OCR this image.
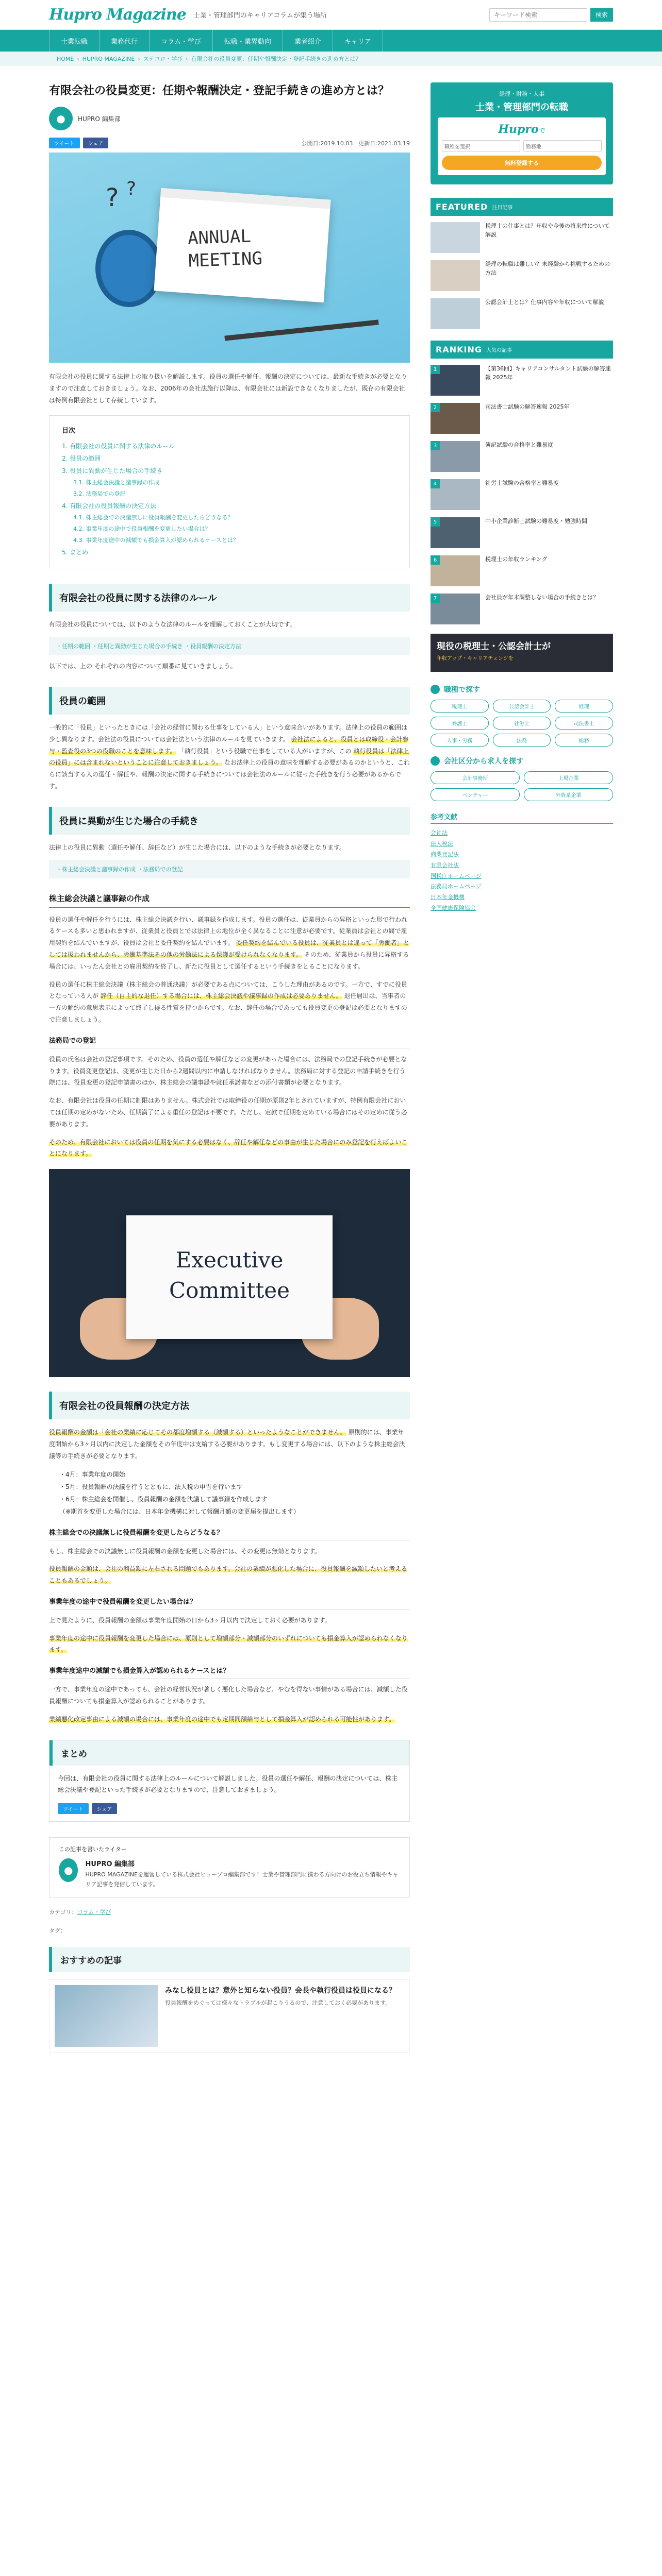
Hupro Magazine 士業・管理部門のキャリアコラムが集う場所
キーワード検索	検索
士業転職	業務代行	コラム・学び	転職・業界動向	業者紹介	キャリア
HOME › HUPRO MAGAZINE › ステコロ・学び › 有限会社の役員変更：任期や報酬決定・登記手続きの進め方とは？
有限会社の役員変更：任期や報酬決定・登記手続きの進め方とは？
●	HUPRO 編集部
ツイート	シェア	公開日:2019.10.03　更新日:2021.03.19
? ?
ANNUAL MEETING

有限会社の役員に関する法律上の取り扱いを解説します。役員の選任や解任、報酬の決定については、最新な手続きが必要となりますので注意しておきましょう。なお、2006年の会社法施行以降は、有限会社には新設できなくなりましたが、既存の有限会社は特例有限会社として存続しています。

目次
1. 有限会社の役員に関する法律のルール
2. 役員の範囲
3. 役員に異動が生じた場合の手続き
3.1. 株主総会決議と議事録の作成
3.2. 法務局での登記
4. 有限会社の役員報酬の決定方法
4.1. 株主総会での決議無しに役員報酬を変更したらどうなる？
4.2. 事業年度の途中で役員報酬を変更したい場合は？
4.3. 事業年度途中の減額でも損金算入が認められるケースとは？
5. まとめ
有限会社の役員に関する法律のルール

有限会社の役員については、以下のような法律のルールを理解しておくことが大切です。

・任期の範囲 ・任期と異動が生じた場合の手続き ・役員報酬の決定方法

以下では、上の それぞれの内容について順番に見ていきましょう。

役員の範囲

一般的に「役員」といったときには「会社の経営に関わる仕事をしている人」という意味合いがあります。法律上の役員の範囲は少し異なります。会社法の役員については会社法という法律のルールを見ていきます。 会社法によると、役員とは取締役・会計参与・監査役の3つの役職のことを意味します。 「執行役員」という役職で仕事をしている人がいますが、この 執行役員は「法律上の役員」には含まれないということに注意しておきましょう。 なお法律上の役員の意味を理解する必要があるのかというと、これらに該当する人の選任・解任や、報酬の決定に関する手続きについては会社法のルールに従った手続きを行う必要があるからです。

役員に異動が生じた場合の手続き

法律上の役員に異動（選任や解任、辞任など）が生じた場合には、以下のような手続きが必要となります。

・株主総会決議と議事録の作成 ・法務局での登記
株主総会決議と議事録の作成

役員の選任や解任を行うには、株主総会決議を行い、議事録を作成します。役員の選任は、従業員からの昇格といった形で行われるケースも多いと思われますが、従業員と役員とでは法律上の地位が全く異なることに注意が必要です。従業員は会社との間で雇用契約を結んでいますが、役員は会社と委任契約を結んでいます。 委任契約を結んでいる役員は、従業員とは違って「労働者」としては扱われませんから、労働基準法その他の労働法による保護が受けられなくなります。 そのため、従業員から役員に昇格する場合には、いったん会社との雇用契約を終了し、新たに役員として選任するという手続きをとることになります。

役員の選任に株主総会決議（株主総会の普通決議）が必要である点については、こうした理由があるのです。一方で、すでに役員となっている人が 辞任（自主的な退任）する場合には、株主総会決議や議事録の作成は必要ありません。 退任届出は、当事者の一方の解約の意思表示によって終了し得る性質を持つからです。なお、辞任の場合であっても役員変更の登記は必要となりますので注意しましょう。

法務局での登記

役員の氏名は会社の登記事項です。そのため、役員の選任や解任などの変更があった場合には、法務局での登記手続きが必要となります。役員変更登記は、変更が生じた日から2週間以内に申請しなければなりません。法務局に対する登記の申請手続きを行う際には、役員変更の登記申請書のほか、株主総会の議事録や就任承諾書などの添付書類が必要となります。

なお、有限会社は役員の任期に制限はありません。株式会社では取締役の任期が原則2年とされていますが、特例有限会社においては任期の定めがないため、任期満了による重任の登記は不要です。ただし、定款で任期を定めている場合にはその定めに従う必要があります。

そのため、有限会社においては役員の任期を気にする必要はなく、辞任や解任などの事由が生じた場合にのみ登記を行えばよいことになります。

Executive Committee
有限会社の役員報酬の決定方法

役員報酬の金額は「会社の業績に応じてその都度増額する（減額する）といったようなことができません。 原則的には、事業年度開始から3ヶ月以内に決定した金額をその年度中は支給する必要があります。もし変更する場合には、以下のような株主総会決議等の手続きが必要となります。

・4月：事業年度の開始
・5月：役員報酬の決議を行うとともに、法人税の申告を行います
・6月：株主総会を開催し、役員報酬の金額を決議して議事録を作成します
（※期首を変更した場合には、日本年金機構に対して報酬月額の変更届を提出します）
株主総会での決議無しに役員報酬を変更したらどうなる？

もし、株主総会での決議無しに役員報酬の金額を変更した場合には、その変更は無効となります。

役員報酬の金額は、会社の利益額に左右される問題でもあります。会社の業績が悪化した場合に、役員報酬を減額したいと考えることもあるでしょう。

事業年度の途中で役員報酬を変更したい場合は？

上で見たように、役員報酬の金額は事業年度開始の日から3ヶ月以内で決定しておく必要があります。

事業年度の途中に役員報酬を変更した場合には、原則として増額部分・減額部分のいずれについても損金算入が認められなくなります。

事業年度途中の減額でも損金算入が認められるケースとは？

一方で、事業年度の途中であっても、会社の経営状況が著しく悪化した場合など、やむを得ない事情がある場合には、減額した役員報酬についても損金算入が認められることがあります。

業績悪化改定事由による減額の場合には、事業年度の途中でも定期同額給与として損金算入が認められる可能性があります。

まとめ

今回は、有限会社の役員に関する法律上のルールについて解説しました。役員の選任や解任、報酬の決定については、株主総会決議や登記といった手続きが必要となりますので、注意しておきましょう。

ツイート	シェア
この記事を書いたライター
●	HUPRO 編集部
HUPRO MAGAZINEを運営している株式会社ヒュープロ編集部です！士業や管理部門に携わる方向けのお役立ち情報やキャリア記事を発信しています。
カテゴリ：コラム・学び
タグ：
おすすめの記事
みなし役員とは？意外と知らない役員？会長や執行役員は役員になる？
役員報酬をめぐっては様々なトラブルが起こりうるので、注意しておく必要があります。
経理・財務・人事
士業・管理部門の転職
Huproで
職種を選択	勤務地
無料登録する
FEATURED 注目記事
税理士の仕事とは？年収や今後の将来性について解説
経理の転職は難しい？未経験から挑戦するための方法
公認会計士とは？仕事内容や年収について解説
RANKING 人気の記事
1	【第36回】キャリアコンサルタント試験の解答速報 2025年
2	司法書士試験の解答速報 2025年
3	簿記試験の合格率と難易度
4	社労士試験の合格率と難易度
5	中小企業診断士試験の難易度・勉強時間
6	税理士の年収ランキング
7	会社員が年末調整しない場合の手続きとは？
現役の税理士・公認会計士が
年収アップ・キャリアチェンジを
職種で探す
税理士	公認会計士	経理
弁護士	社労士	司法書士
人事・労務	法務	総務
会社区分から求人を探す
会計事務所	上場企業
ベンチャー	外資系企業
参考文献
会社法
法人税法
商業登記法
有限会社法
国税庁ホームページ
法務局ホームページ
日本年金機構
全国健康保険協会
